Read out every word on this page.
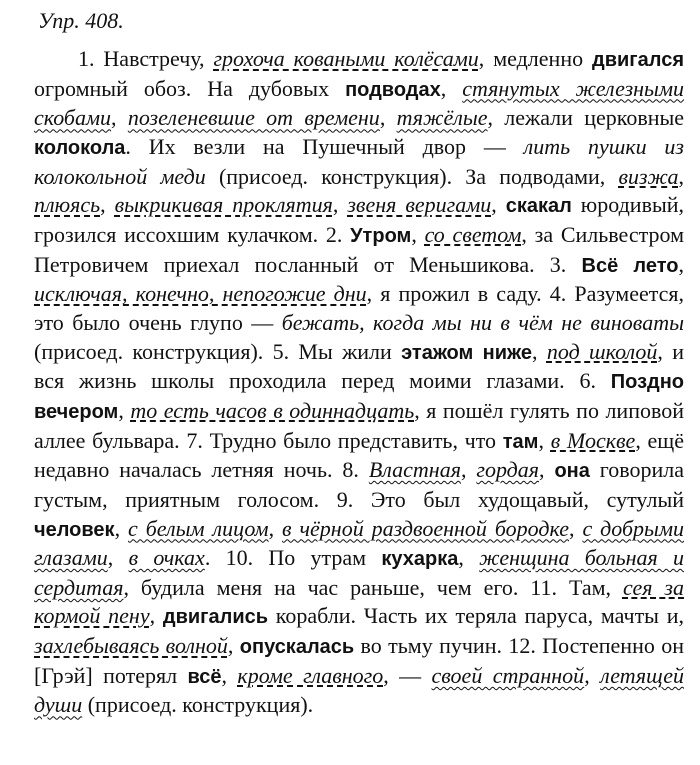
Упр. 408.
1. Навстречу, грохоча коваными колёсами, медленно двигался огромный обоз. На дубовых подводах, стянутых железными скобами, позеленевшие от времени, тяжёлые, лежали церковные колокола. Их везли на Пушечный двор — лить пушки из колокольной меди (присоед. конструкция). За подводами, визжа, плюясь, выкрикивая проклятия, звеня веригами, скакал юродивый, грозился иссохшим кулачком. 2. Утром, со светом, за Сильвестром Петровичем приехал посланный от Меньшикова. 3. Всё лето, исключая, конечно, непогожие дни, я прожил в саду. 4. Разумеется, это было очень глупо — бежать, когда мы ни в чём не виноваты (присоед. конструкция). 5. Мы жили этажом ниже, под школой, и вся жизнь школы проходила перед моими глазами. 6. Поздно вечером, то есть часов в одиннадцать, я пошёл гулять по липовой аллее бульвара. 7. Трудно было представить, что там, в Москве, ещё недавно началась летняя ночь. 8. Властная, гордая, она говорила густым, приятным голосом. 9. Это был худощавый, сутулый человек, с белым лицом, в чёрной раздвоенной бородке, с добрыми глазами, в очках. 10. По утрам кухарка, женщина больная и сердитая, будила меня на час раньше, чем его. 11. Там, сея за кормой пену, двигались корабли. Часть их теряла паруса, мачты и, захлебываясь волной, опускалась во тьму пучин. 12. Постепенно он [Грэй] потерял всё, кроме главного, — своей странной, летящей души (присоед. конструкция).
